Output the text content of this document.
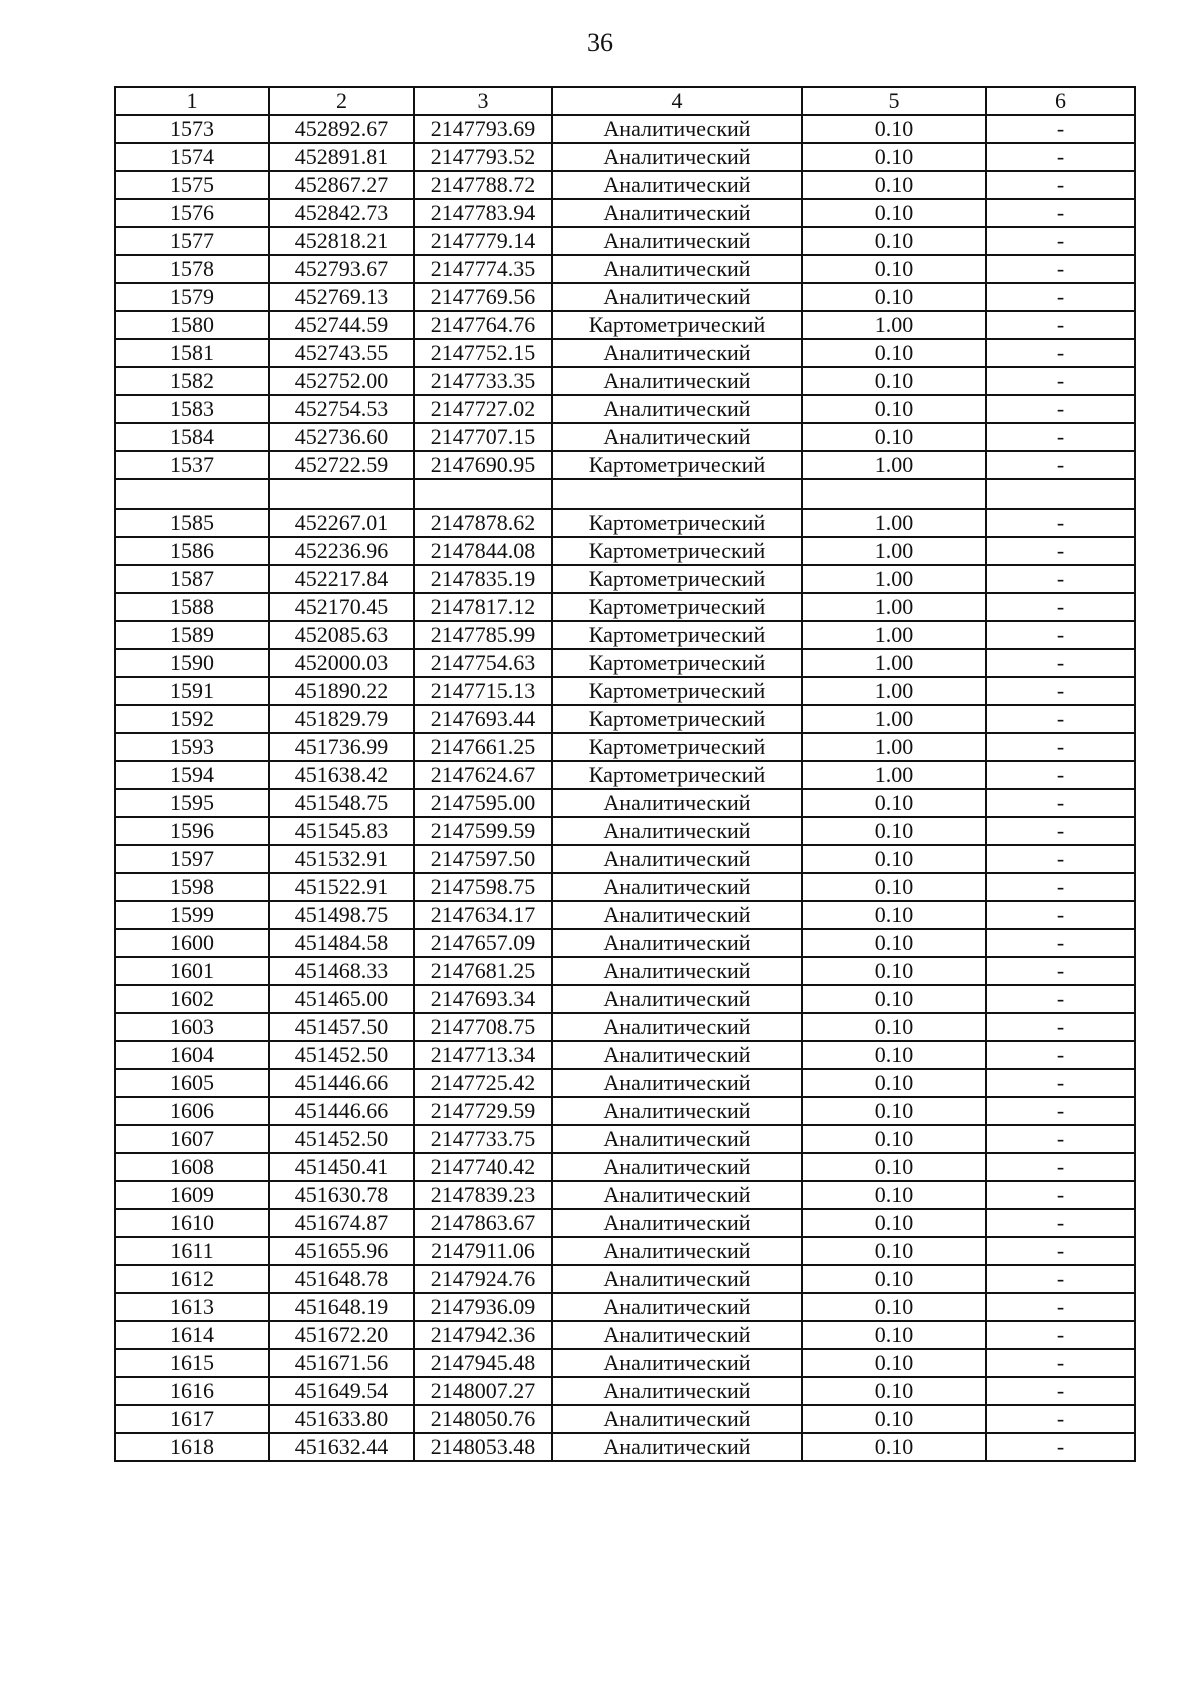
36
1	2	3	4	5	6
1573	452892.67	2147793.69	Аналитический	0.10	-
1574	452891.81	2147793.52	Аналитический	0.10	-
1575	452867.27	2147788.72	Аналитический	0.10	-
1576	452842.73	2147783.94	Аналитический	0.10	-
1577	452818.21	2147779.14	Аналитический	0.10	-
1578	452793.67	2147774.35	Аналитический	0.10	-
1579	452769.13	2147769.56	Аналитический	0.10	-
1580	452744.59	2147764.76	Картометрический	1.00	-
1581	452743.55	2147752.15	Аналитический	0.10	-
1582	452752.00	2147733.35	Аналитический	0.10	-
1583	452754.53	2147727.02	Аналитический	0.10	-
1584	452736.60	2147707.15	Аналитический	0.10	-
1537	452722.59	2147690.95	Картометрический	1.00	-

1585	452267.01	2147878.62	Картометрический	1.00	-
1586	452236.96	2147844.08	Картометрический	1.00	-
1587	452217.84	2147835.19	Картометрический	1.00	-
1588	452170.45	2147817.12	Картометрический	1.00	-
1589	452085.63	2147785.99	Картометрический	1.00	-
1590	452000.03	2147754.63	Картометрический	1.00	-
1591	451890.22	2147715.13	Картометрический	1.00	-
1592	451829.79	2147693.44	Картометрический	1.00	-
1593	451736.99	2147661.25	Картометрический	1.00	-
1594	451638.42	2147624.67	Картометрический	1.00	-
1595	451548.75	2147595.00	Аналитический	0.10	-
1596	451545.83	2147599.59	Аналитический	0.10	-
1597	451532.91	2147597.50	Аналитический	0.10	-
1598	451522.91	2147598.75	Аналитический	0.10	-
1599	451498.75	2147634.17	Аналитический	0.10	-
1600	451484.58	2147657.09	Аналитический	0.10	-
1601	451468.33	2147681.25	Аналитический	0.10	-
1602	451465.00	2147693.34	Аналитический	0.10	-
1603	451457.50	2147708.75	Аналитический	0.10	-
1604	451452.50	2147713.34	Аналитический	0.10	-
1605	451446.66	2147725.42	Аналитический	0.10	-
1606	451446.66	2147729.59	Аналитический	0.10	-
1607	451452.50	2147733.75	Аналитический	0.10	-
1608	451450.41	2147740.42	Аналитический	0.10	-
1609	451630.78	2147839.23	Аналитический	0.10	-
1610	451674.87	2147863.67	Аналитический	0.10	-
1611	451655.96	2147911.06	Аналитический	0.10	-
1612	451648.78	2147924.76	Аналитический	0.10	-
1613	451648.19	2147936.09	Аналитический	0.10	-
1614	451672.20	2147942.36	Аналитический	0.10	-
1615	451671.56	2147945.48	Аналитический	0.10	-
1616	451649.54	2148007.27	Аналитический	0.10	-
1617	451633.80	2148050.76	Аналитический	0.10	-
1618	451632.44	2148053.48	Аналитический	0.10	-
